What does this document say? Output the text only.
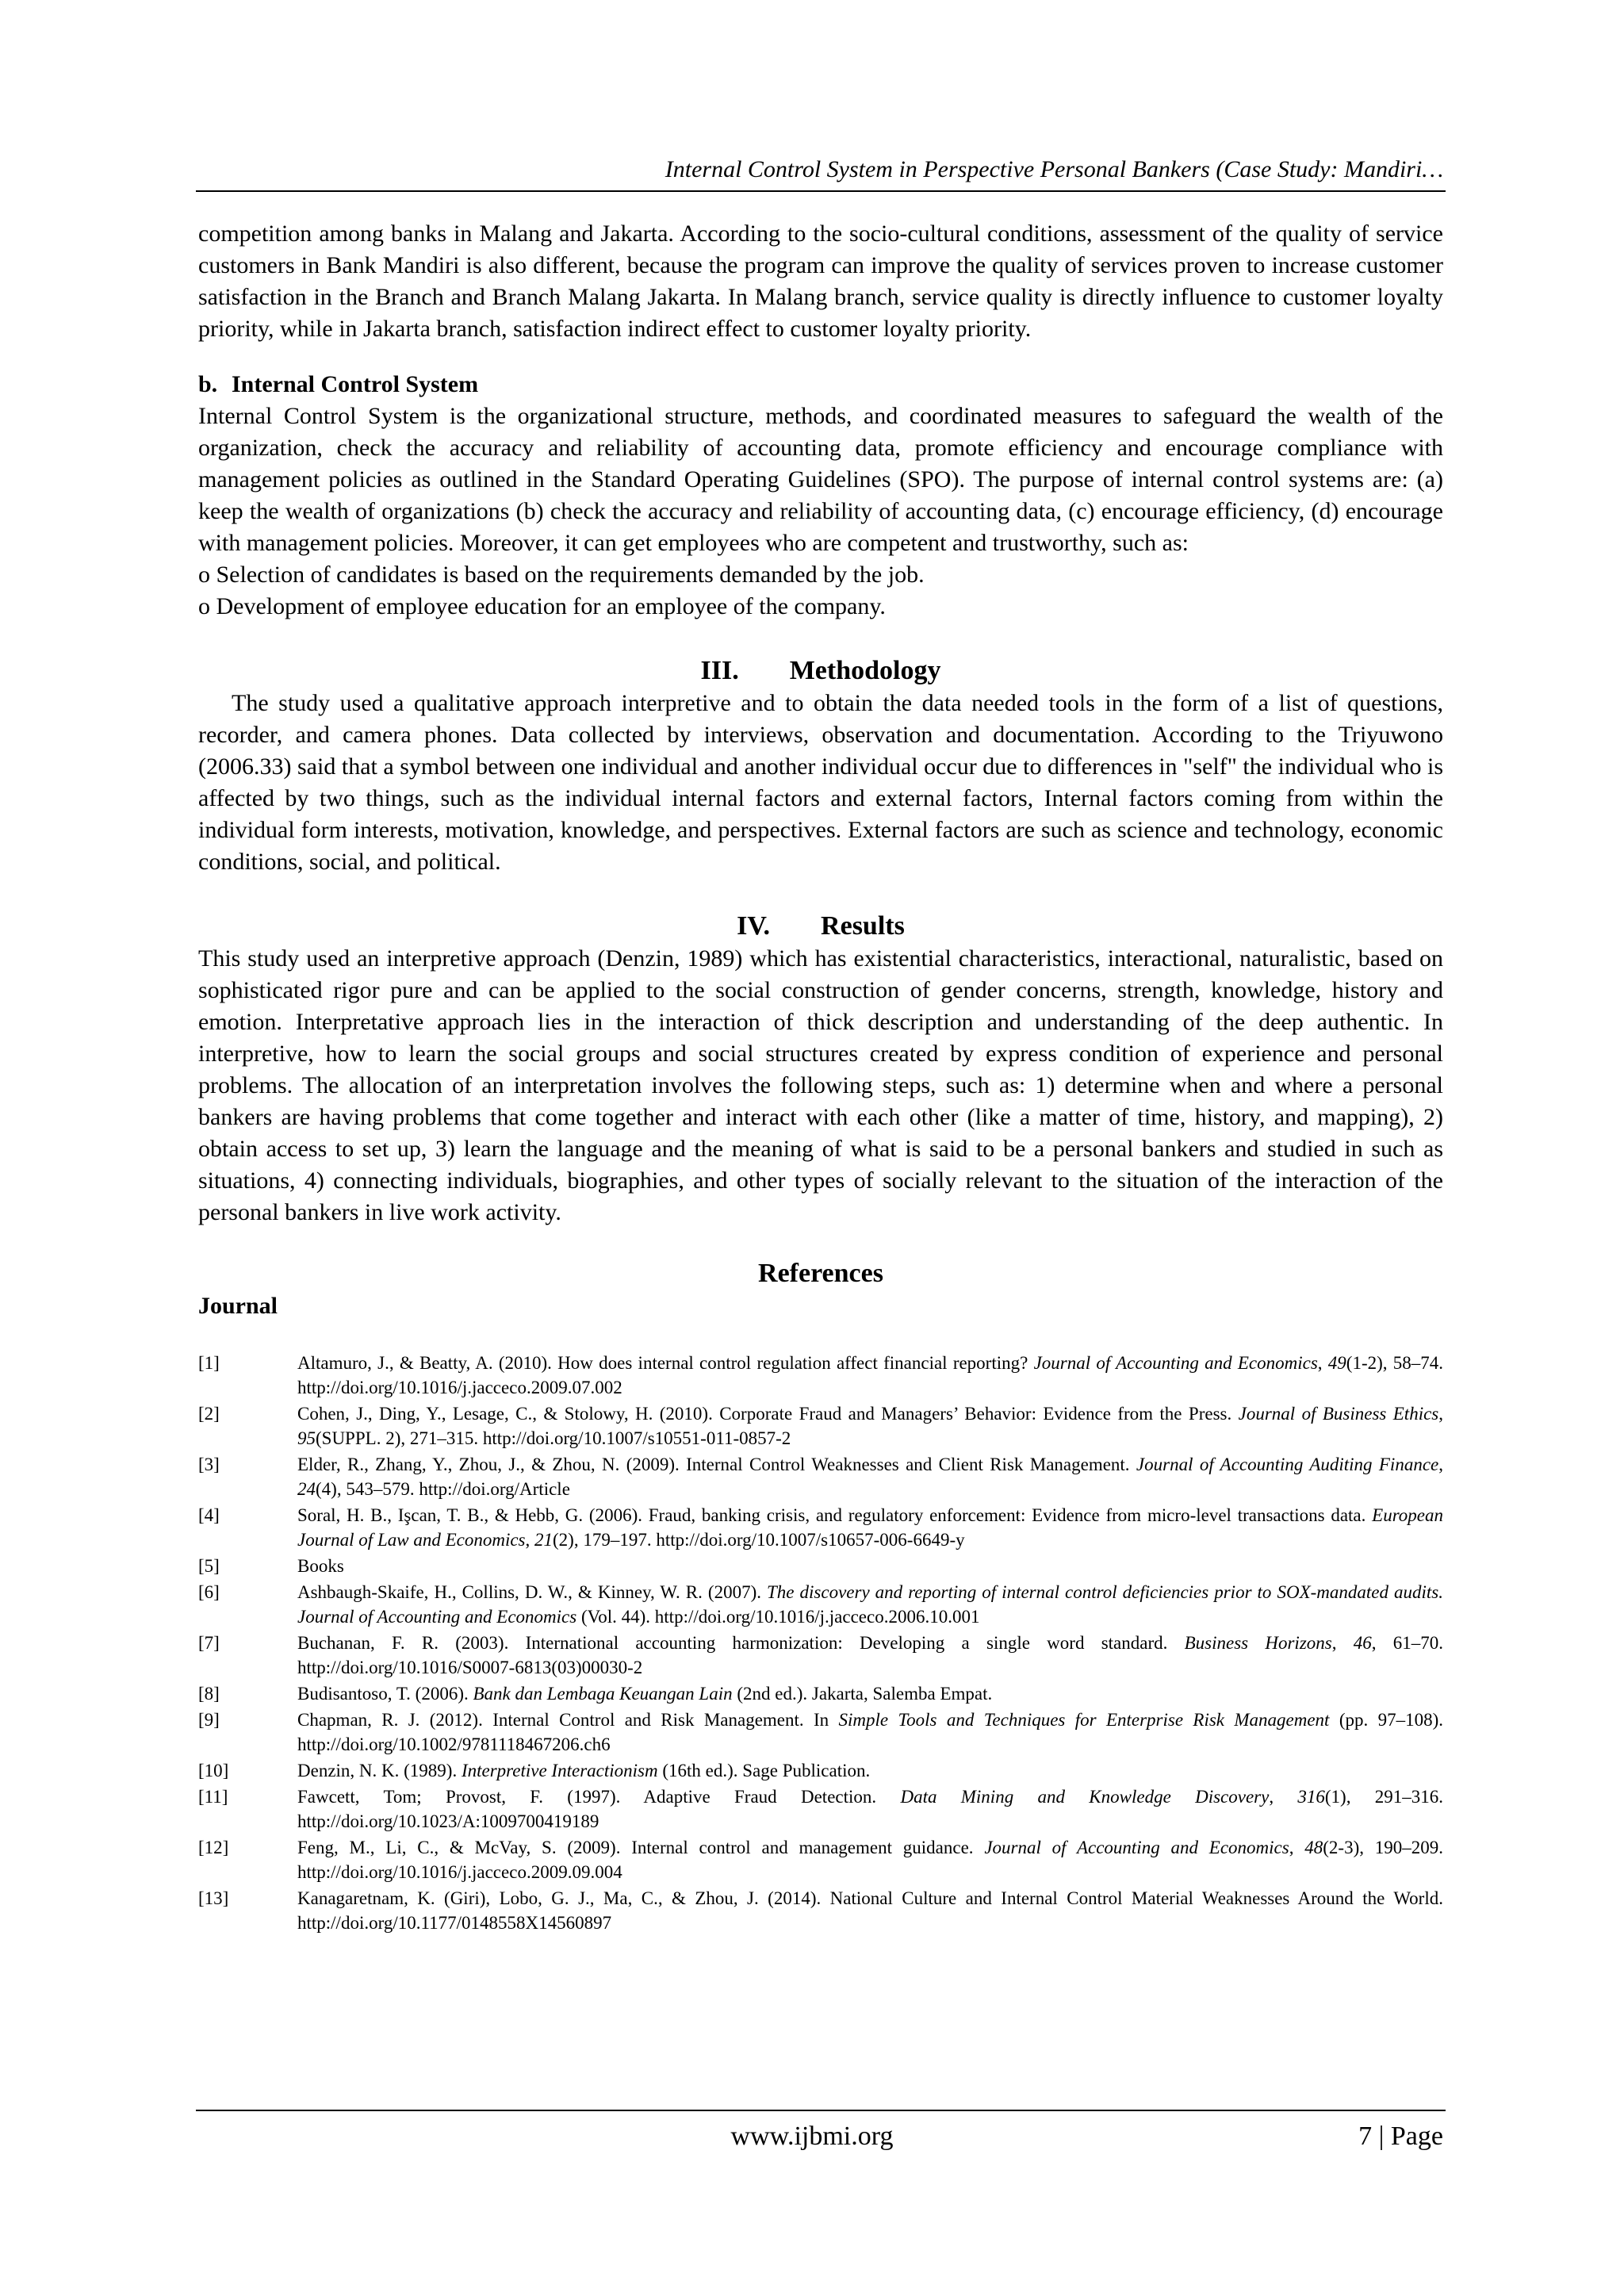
Internal Control System in Perspective Personal Bankers (Case Study: Mandiri…

competition among banks in Malang and Jakarta. According to the socio-cultural conditions, assessment of the quality of service customers in Bank Mandiri is also different, because the program can improve the quality of services proven to increase customer satisfaction in the Branch and Branch Malang Jakarta. In Malang branch, service quality is directly influence to customer loyalty priority, while in Jakarta branch, satisfaction indirect effect to customer loyalty priority.

b. Internal Control System

Internal Control System is the organizational structure, methods, and coordinated measures to safeguard the wealth of the organization, check the accuracy and reliability of accounting data, promote efficiency and encourage compliance with management policies as outlined in the Standard Operating Guidelines (SPO). The purpose of internal control systems are: (a) keep the wealth of organizations (b) check the accuracy and reliability of accounting data, (c) encourage efficiency, (d) encourage with management policies. Moreover, it can get employees who are competent and trustworthy, such as:

o Selection of candidates is based on the requirements demanded by the job.

o Development of employee education for an employee of the company.

III. Methodology

The study used a qualitative approach interpretive and to obtain the data needed tools in the form of a list of questions, recorder, and camera phones. Data collected by interviews, observation and documentation. According to the Triyuwono (2006.33) said that a symbol between one individual and another individual occur due to differences in "self" the individual who is affected by two things, such as the individual internal factors and external factors, Internal factors coming from within the individual form interests, motivation, knowledge, and perspectives. External factors are such as science and technology, economic conditions, social, and political.

IV. Results

This study used an interpretive approach (Denzin, 1989) which has existential characteristics, interactional, naturalistic, based on sophisticated rigor pure and can be applied to the social construction of gender concerns, strength, knowledge, history and emotion. Interpretative approach lies in the interaction of thick description and understanding of the deep authentic. In interpretive, how to learn the social groups and social structures created by express condition of experience and personal problems. The allocation of an interpretation involves the following steps, such as: 1) determine when and where a personal bankers are having problems that come together and interact with each other (like a matter of time, history, and mapping), 2) obtain access to set up, 3) learn the language and the meaning of what is said to be a personal bankers and studied in such as situations, 4) connecting individuals, biographies, and other types of socially relevant to the situation of the interaction of the personal bankers in live work activity.

References
Journal
[1]	Altamuro, J., & Beatty, A. (2010). How does internal control regulation affect financial reporting? Journal of Accounting and Economics, 49(1-2), 58–74. http://doi.org/10.1016/j.jacceco.2009.07.002
[2]	Cohen, J., Ding, Y., Lesage, C., & Stolowy, H. (2010). Corporate Fraud and Managers’ Behavior: Evidence from the Press. Journal of Business Ethics, 95(SUPPL. 2), 271–315. http://doi.org/10.1007/s10551-011-0857-2
[3]	Elder, R., Zhang, Y., Zhou, J., & Zhou, N. (2009). Internal Control Weaknesses and Client Risk Management. Journal of Accounting Auditing Finance, 24(4), 543–579. http://doi.org/Article
[4]	Soral, H. B., Işcan, T. B., & Hebb, G. (2006). Fraud, banking crisis, and regulatory enforcement: Evidence from micro-level transactions data. European Journal of Law and Economics, 21(2), 179–197. http://doi.org/10.1007/s10657-006-6649-y
[5]	Books
[6]	Ashbaugh-Skaife, H., Collins, D. W., & Kinney, W. R. (2007). The discovery and reporting of internal control deficiencies prior to SOX-mandated audits. Journal of Accounting and Economics (Vol. 44). http://doi.org/10.1016/j.jacceco.2006.10.001
[7]	Buchanan, F. R. (2003). International accounting harmonization: Developing a single word standard. Business Horizons, 46, 61–70. http://doi.org/10.1016/S0007-6813(03)00030-2
[8]	Budisantoso, T. (2006). Bank dan Lembaga Keuangan Lain (2nd ed.). Jakarta, Salemba Empat.
[9]	Chapman, R. J. (2012). Internal Control and Risk Management. In Simple Tools and Techniques for Enterprise Risk Management (pp. 97–108). http://doi.org/10.1002/9781118467206.ch6
[10]	Denzin, N. K. (1989). Interpretive Interactionism (16th ed.). Sage Publication.
[11]	Fawcett, Tom; Provost, F. (1997). Adaptive Fraud Detection. Data Mining and Knowledge Discovery, 316(1), 291–316. http://doi.org/10.1023/A:1009700419189
[12]	Feng, M., Li, C., & McVay, S. (2009). Internal control and management guidance. Journal of Accounting and Economics, 48(2-3), 190–209. http://doi.org/10.1016/j.jacceco.2009.09.004
[13]	Kanagaretnam, K. (Giri), Lobo, G. J., Ma, C., & Zhou, J. (2014). National Culture and Internal Control Material Weaknesses Around the World. http://doi.org/10.1177/0148558X14560897
www.ijbmi.org	7 | Page
